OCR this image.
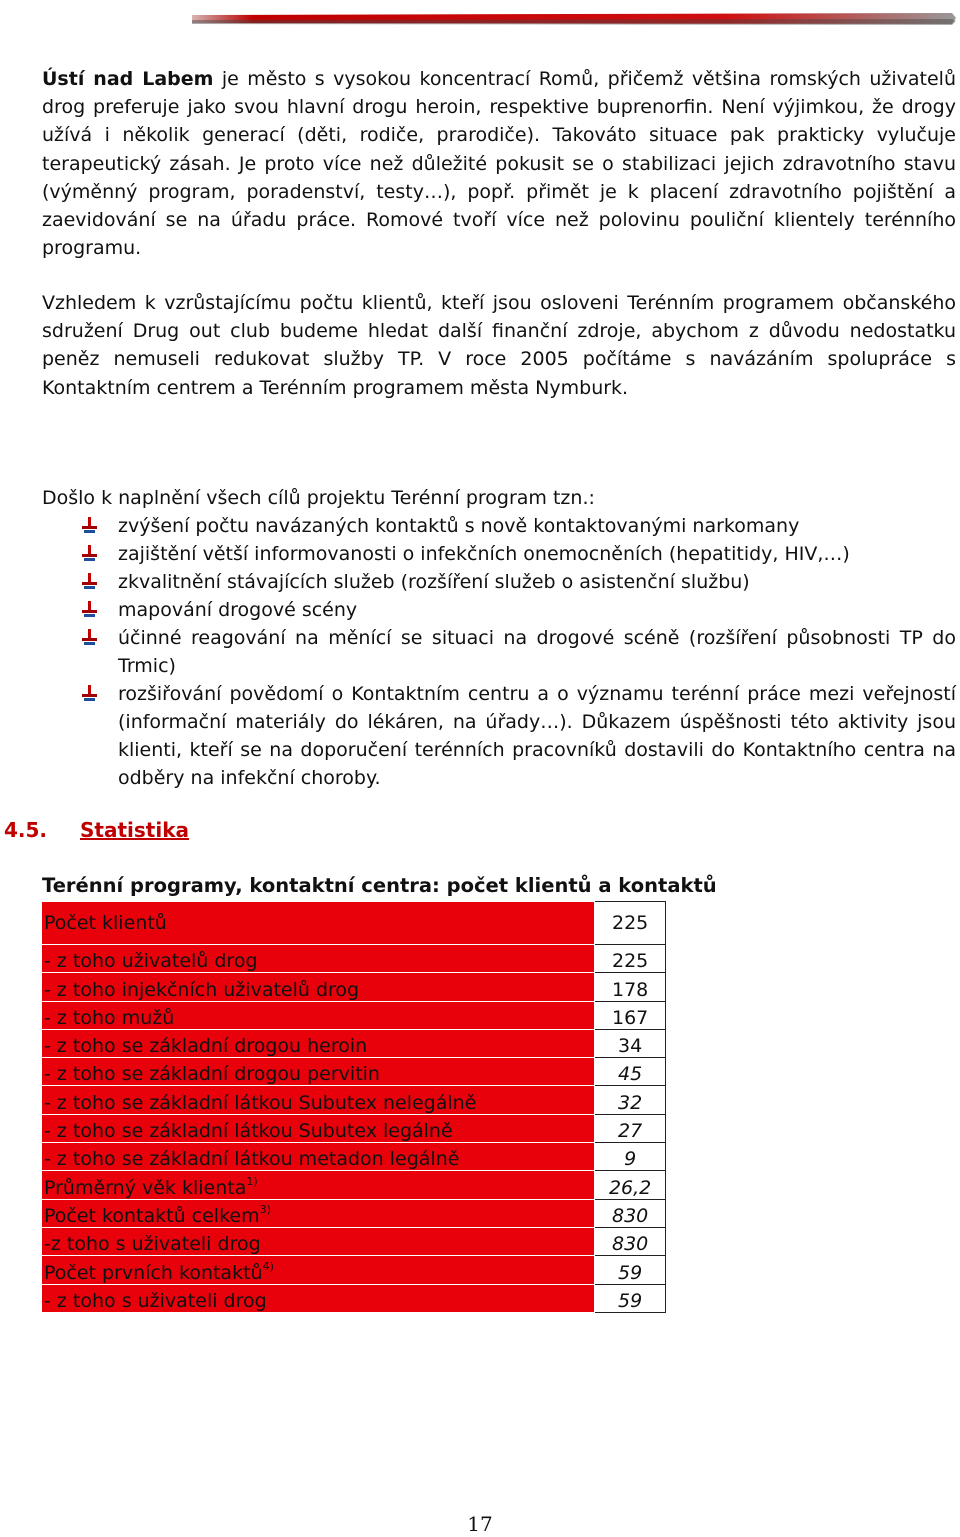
Ústí nad Labem je město s vysokou koncentrací Romů, přičemž většina romských uživatelů drog preferuje jako svou hlavní drogu heroin, respektive buprenorfin. Není výjimkou, že drogy užívá i několik generací (děti, rodiče, prarodiče). Takováto situace pak prakticky vylučuje terapeutický zásah. Je proto více než důležité pokusit se o stabilizaci jejich zdravotního stavu (výměnný program, poradenství, testy…), popř. přimět je k placení zdravotního pojištění a zaevidování se na úřadu práce. Romové tvoří více než polovinu pouliční klientely terénního programu.

Vzhledem k vzrůstajícímu počtu klientů, kteří jsou osloveni Terénním programem občanského sdružení Drug out club budeme hledat další finanční zdroje, abychom z důvodu nedostatku peněz nemuseli redukovat služby TP. V roce 2005 počítáme s navázáním spolupráce s Kontaktním centrem a Terénním programem města Nymburk.

Došlo k naplnění všech cílů projektu Terénní program tzn.:

zvýšení počtu navázaných kontaktů s nově kontaktovanými narkomany
zajištění větší informovanosti o infekčních onemocněních (hepatitidy, HIV,…)
zkvalitnění stávajících služeb (rozšíření služeb o asistenční službu)
mapování drogové scény
účinné reagování na měnící se situaci na drogové scéně (rozšíření působnosti TP do Trmic)
rozšiřování povědomí o Kontaktním centru a o významu terénní práce mezi veřejností (informační materiály do lékáren, na úřady…). Důkazem úspěšnosti této aktivity jsou klienti, kteří se na doporučení terénních pracovníků dostavili do Kontaktního centra na odběry na infekční choroby.
4.5. Statistika
Terénní programy, kontaktní centra: počet klientů a kontaktů
Počet klientů	225
- z toho uživatelů drog	225
- z toho injekčních uživatelů drog	178
- z toho mužů	167
- z toho se základní drogou heroin	34
- z toho se základní drogou pervitin	45
- z toho se základní látkou Subutex nelegálně	32
- z toho se základní látkou Subutex legálně	27
- z toho se základní látkou metadon legálně	9
Průměrný věk klienta$^{1)}$	26,2
Počet kontaktů celkem$^{3)}$	830
-z toho s uživateli drog	830
Počet prvních kontaktů$^{4)}$	59
- z toho s uživateli drog	59
17
